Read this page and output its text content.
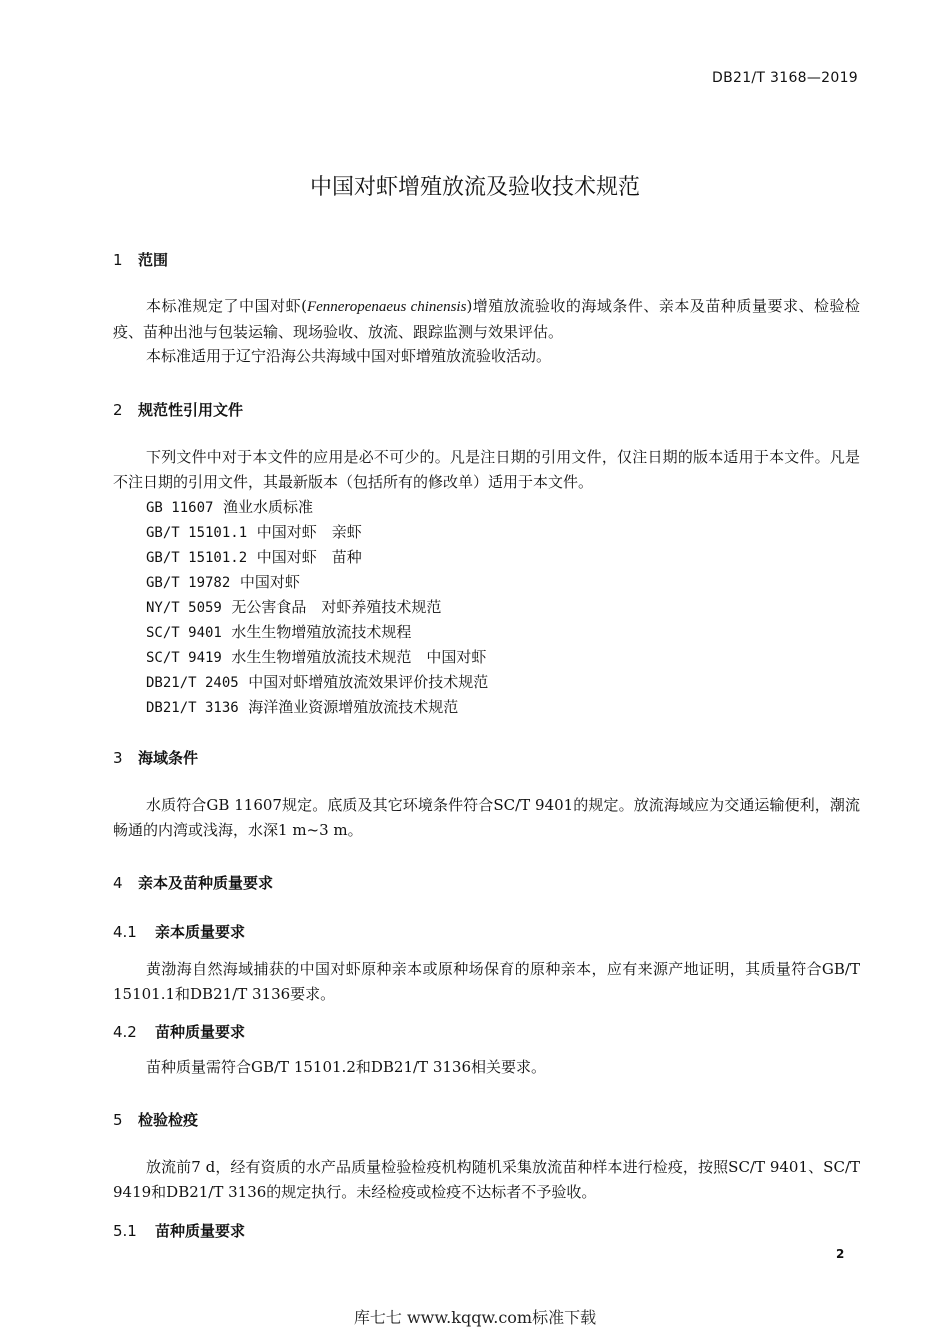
DB21/T 3168—2019
中国对虾增殖放流及验收技术规范
1 范围

本标准规定了中国对虾(Fenneropenaeus chinensis)增殖放流验收的海域条件、亲本及苗种质量要求、检验检疫、苗种出池与包装运输、现场验收、放流、跟踪监测与效果评估。

本标准适用于辽宁沿海公共海域中国对虾增殖放流验收活动。

2 规范性引用文件

下列文件中对于本文件的应用是必不可少的。凡是注日期的引用文件，仅注日期的版本适用于本文件。凡是不注日期的引用文件，其最新版本（包括所有的修改单）适用于本文件。

GB 11607 渔业水质标准
GB/T 15101.1 中国对虾　亲虾
GB/T 15101.2 中国对虾　苗种
GB/T 19782 中国对虾
NY/T 5059 无公害食品　对虾养殖技术规范
SC/T 9401 水生生物增殖放流技术规程
SC/T 9419 水生生物增殖放流技术规范　中国对虾
DB21/T 2405 中国对虾增殖放流效果评价技术规范
DB21/T 3136 海洋渔业资源增殖放流技术规范
3 海域条件

水质符合GB 11607规定。底质及其它环境条件符合SC/T 9401的规定。放流海域应为交通运输便利，潮流畅通的内湾或浅海，水深1 m~3 m。

4 亲本及苗种质量要求
4.1 亲本质量要求

黄渤海自然海域捕获的中国对虾原种亲本或原种场保育的原种亲本，应有来源产地证明，其质量符合GB/T 15101.1和DB21/T 3136要求。

4.2 苗种质量要求

苗种质量需符合GB/T 15101.2和DB21/T 3136相关要求。

5 检验检疫

放流前7 d，经有资质的水产品质量检验检疫机构随机采集放流苗种样本进行检疫，按照SC/T 9401、SC/T 9419和DB21/T 3136的规定执行。未经检疫或检疫不达标者不予验收。

5.1 苗种质量要求
2
库七七 www.kqqw.com标准下载
